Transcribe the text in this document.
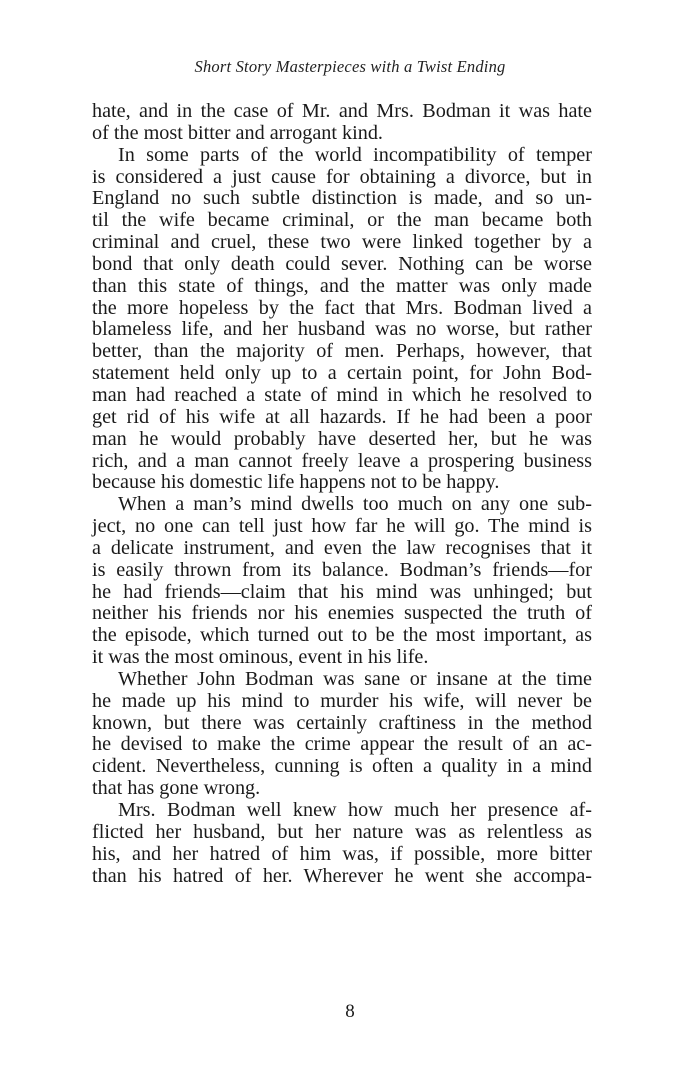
Short Story Masterpieces with a Twist Ending
hate, and in the case of Mr. and Mrs. Bodman it was hate
of the most bitter and arrogant kind.
In some parts of the world incompatibility of temper
is considered a just cause for obtaining a divorce, but in
England no such subtle distinction is made, and so un-
til the wife became criminal, or the man became both
criminal and cruel, these two were linked together by a
bond that only death could sever. Nothing can be worse
than this state of things, and the matter was only made
the more hopeless by the fact that Mrs. Bodman lived a
blameless life, and her husband was no worse, but rather
better, than the majority of men. Perhaps, however, that
statement held only up to a certain point, for John Bod-
man had reached a state of mind in which he resolved to
get rid of his wife at all hazards. If he had been a poor
man he would probably have deserted her, but he was
rich, and a man cannot freely leave a prospering business
because his domestic life happens not to be happy.
When a man’s mind dwells too much on any one sub-
ject, no one can tell just how far he will go. The mind is
a delicate instrument, and even the law recognises that it
is easily thrown from its balance. Bodman’s friends—for
he had friends—claim that his mind was unhinged; but
neither his friends nor his enemies suspected the truth of
the episode, which turned out to be the most important, as
it was the most ominous, event in his life.
Whether John Bodman was sane or insane at the time
he made up his mind to murder his wife, will never be
known, but there was certainly craftiness in the method
he devised to make the crime appear the result of an ac-
cident. Nevertheless, cunning is often a quality in a mind
that has gone wrong.
Mrs. Bodman well knew how much her presence af-
flicted her husband, but her nature was as relentless as
his, and her hatred of him was, if possible, more bitter
than his hatred of her. Wherever he went she accompa-
8
